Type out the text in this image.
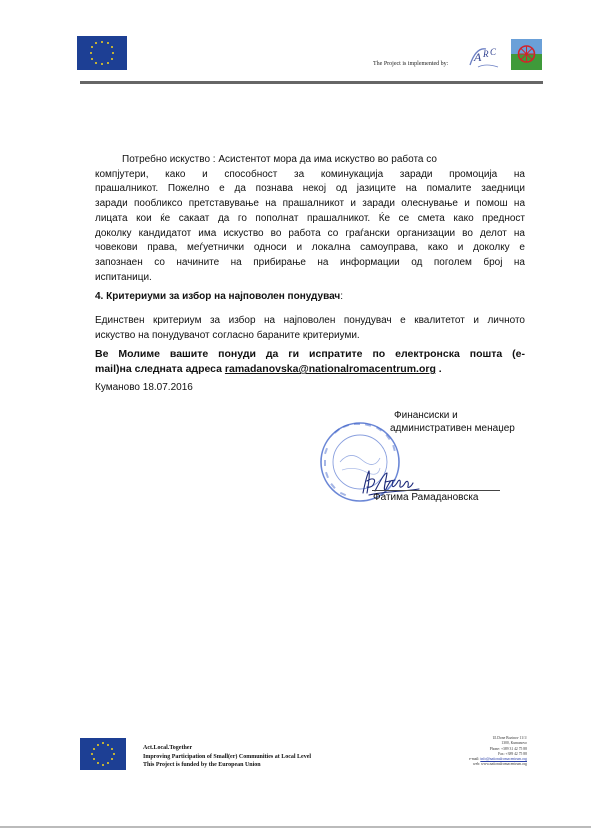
The Project is implemented by: A R C
Потребно искуство : Асистентот мора да има искуство во работа со
компјутери, како и способност за коминукација заради промоција на
прашалникот. Пожелно е да познава некој од јазиците на помалите заедници
заради пообликсо претставување на прашалникот и заради олеснување и помош на
лицата кои ќе сакаат да го пополнат прашалникот. Ќе се смета како предност
доколку кандидатот има искуство во работа со граѓански организации во делот на
човекови права, меѓуетнички односи и локална самоуправа, како и доколку е
запознаен со начините на прибирање на информации од поголем број на
испитаници.
4. Критериуми за избор на најповолен понудувач:
Единствен критериум за избор на најповолен понудувач е квалитетот и личното
искуство на понудувачот согласно бараните критериуми.
Ве Молиме вашите понуди да ги испратите по електронска пошта (e-
mail)на следната адреса ramadanovska@nationalromacentrum.org .
Куманово 18.07.2016
Финансиски и
административен менаџер
Фатима Рамадановска
Act.Local.Together
Improving Participation of Small(er) Communities at Local Level
This Project is funded by the European Union
Ul.Done Bozinov 11/1/
1300, Kumanovo
Phone: +389 31 42 75 88
Fax: +389 42 75 88
e-mail: info@nationalromacentrum.org
web: www.nationalromacentrum.org
